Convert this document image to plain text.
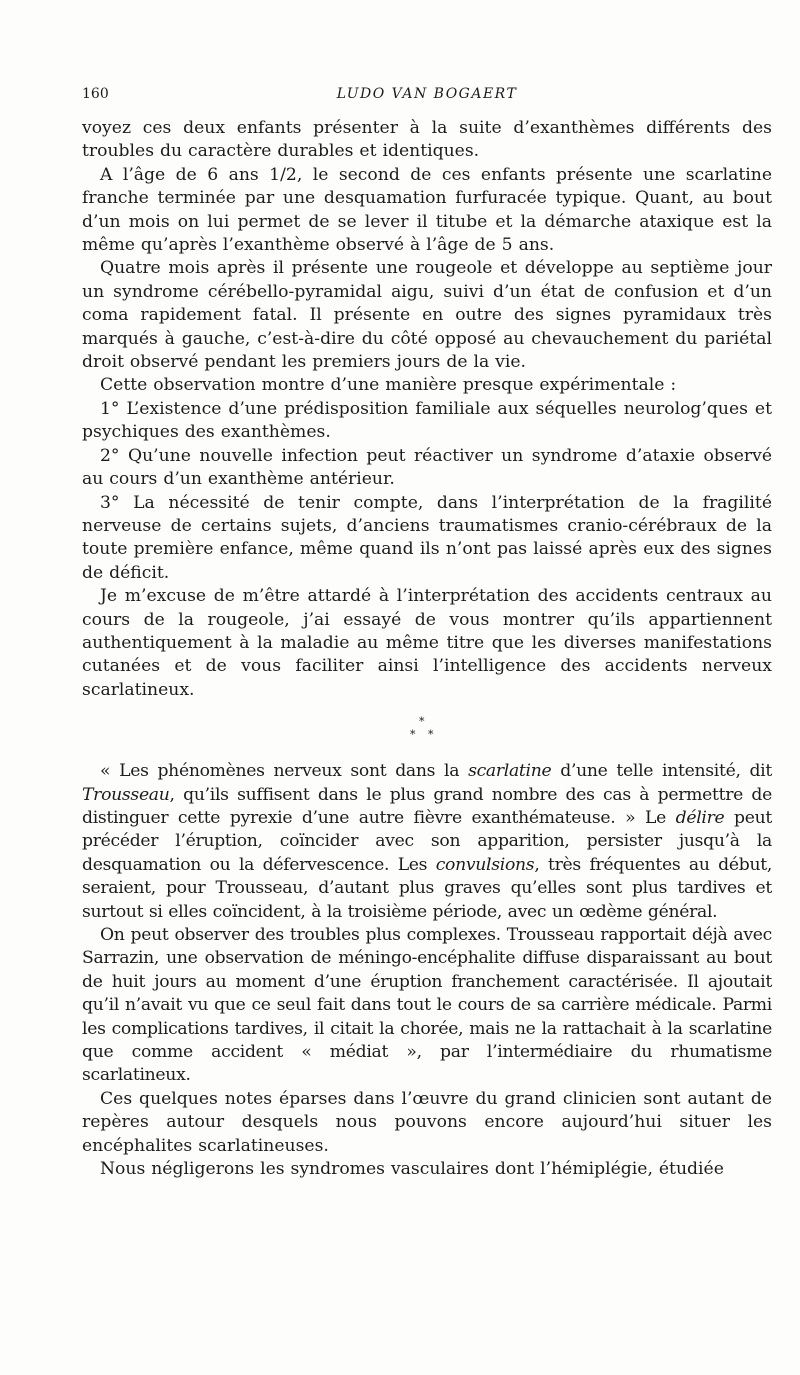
160	LUDO VAN BOGAERT

voyez ces deux enfants présenter à la suite d’exanthèmes différents des troubles du caractère durables et identiques.

A l’âge de 6 ans 1/2, le second de ces enfants présente une scarlatine franche terminée par une desquamation furfuracée typique. Quant, au bout d’un mois on lui permet de se lever il titube et la démarche ataxique est la même qu’après l’exanthème observé à l’âge de 5 ans.

Quatre mois après il présente une rougeole et développe au septième jour un syndrome cérébello-pyramidal aigu, suivi d’un état de confusion et d’un coma rapidement fatal. Il présente en outre des signes pyramidaux très marqués à gauche, c’est-à-dire du côté opposé au chevauchement du pariétal droit observé pendant les premiers jours de la vie.

Cette observation montre d’une manière presque expérimentale :

1° L’existence d’une prédisposition familiale aux séquelles neurolog’ques et psychiques des exanthèmes.

2° Qu’une nouvelle infection peut réactiver un syndrome d’ataxie observé au cours d’un exanthème antérieur.

3° La nécessité de tenir compte, dans l’interprétation de la fragilité nerveuse de certains sujets, d’anciens traumatismes cranio-cérébraux de la toute première enfance, même quand ils n’ont pas laissé après eux des signes de déficit.

Je m’excuse de m’être attardé à l’interprétation des accidents centraux au cours de la rougeole, j’ai essayé de vous montrer qu’ils appartiennent authentiquement à la maladie au même titre que les diverses manifestations cutanées et de vous faciliter ainsi l’intelligence des accidents nerveux scarlatineux.

*
* *

« Les phénomènes nerveux sont dans la scarlatine d’une telle intensité, dit Trousseau, qu’ils suffisent dans le plus grand nombre des cas à permettre de distinguer cette pyrexie d’une autre fièvre exanthémateuse. » Le délire peut précéder l’éruption, coïncider avec son apparition, persister jusqu’à la desquamation ou la défervescence. Les convulsions, très fréquentes au début, seraient, pour Trousseau, d’autant plus graves qu’elles sont plus tardives et surtout si elles coïncident, à la troisième période, avec un œdème général.

On peut observer des troubles plus complexes. Trousseau rapportait déjà avec Sarrazin, une observation de méningo-encéphalite diffuse disparaissant au bout de huit jours au moment d’une éruption franchement caractérisée. Il ajoutait qu’il n’avait vu que ce seul fait dans tout le cours de sa carrière médicale. Parmi les complications tardives, il citait la chorée, mais ne la rattachait à la scarlatine que comme accident « médiat », par l’intermédiaire du rhumatisme scarlatineux.

Ces quelques notes éparses dans l’œuvre du grand clinicien sont autant de repères autour desquels nous pouvons encore aujourd’hui situer les encéphalites scarlatineuses.

Nous négligerons les syndromes vasculaires dont l’hémiplégie, étudiée
